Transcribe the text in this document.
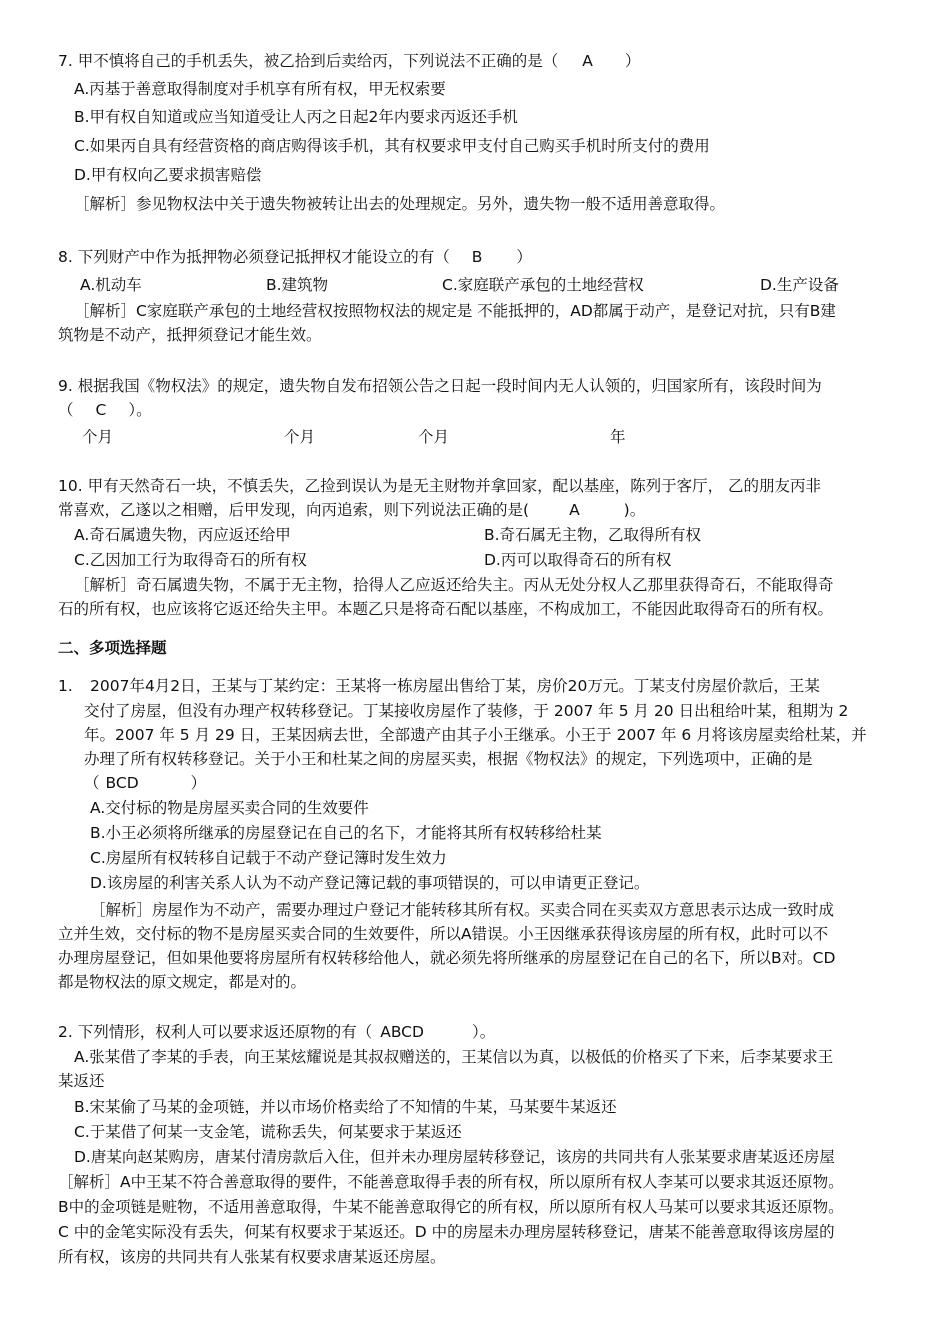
7. 甲不慎将自己的手机丢失，被乙拾到后卖给丙，下列说法不正确的是（ A ）
A.丙基于善意取得制度对手机享有所有权，甲无权索要
B.甲有权自知道或应当知道受让人丙之日起2年内要求丙返还手机
C.如果丙自具有经营资格的商店购得该手机，其有权要求甲支付自己购买手机时所支付的费用
D.甲有权向乙要求损害赔偿
［解析］参见物权法中关于遗失物被转让出去的处理规定。另外，遗失物一般不适用善意取得。
8. 下列财产中作为抵押物必须登记抵押权才能设立的有（ B ）
A.机动车	B.建筑物	C.家庭联产承包的土地经营权	D.生产设备
［解析］C家庭联产承包的土地经营权按照物权法的规定是 不能抵押的，AD都属于动产，是登记对抗，只有B建
筑物是不动产，抵押须登记才能生效。
9. 根据我国《物权法》的规定，遗失物自发布招领公告之日起一段时间内无人认领的，归国家所有，该段时间为
（ C ）。
个月	个月	个月	年
10. 甲有天然奇石一块，不慎丢失，乙捡到误认为是无主财物并拿回家，配以基座，陈列于客厅， 乙的朋友丙非
常喜欢，乙遂以之相赠，后甲发现，向丙追索，则下列说法正确的是(	A	)。
A.奇石属遗失物，丙应返还给甲	B.奇石属无主物，乙取得所有权
C.乙因加工行为取得奇石的所有权	D.丙可以取得奇石的所有权
［解析］奇石属遗失物，不属于无主物，拾得人乙应返还给失主。丙从无处分权人乙那里获得奇石，不能取得奇
石的所有权，也应该将它返还给失主甲。本题乙只是将奇石配以基座，不构成加工，不能因此取得奇石的所有权。
二、多项选择题
1. 2007年4月2日，王某与丁某约定：王某将一栋房屋出售给丁某，房价20万元。丁某支付房屋价款后，王某
交付了房屋，但没有办理产权转移登记。丁某接收房屋作了装修，于 2007 年 5 月 20 日出租给叶某，租期为 2
年。2007 年 5 月 29 日，王某因病去世，全部遗产由其子小王继承。小王于 2007 年 6 月将该房屋卖给杜某，并
办理了所有权转移登记。关于小王和杜某之间的房屋买卖，根据《物权法》的规定，下列选项中，正确的是
（ BCD	）
A.交付标的物是房屋买卖合同的生效要件
B.小王必须将所继承的房屋登记在自己的名下，才能将其所有权转移给杜某
C.房屋所有权转移自记载于不动产登记簿时发生效力
D.该房屋的利害关系人认为不动产登记簿记载的事项错误的，可以申请更正登记。
［解析］房屋作为不动产，需要办理过户登记才能转移其所有权。买卖合同在买卖双方意思表示达成一致时成
立并生效，交付标的物不是房屋买卖合同的生效要件，所以A错误。小王因继承获得该房屋的所有权，此时可以不
办理房屋登记，但如果他要将房屋所有权转移给他人，就必须先将所继承的房屋登记在自己的名下，所以B对。CD
都是物权法的原文规定，都是对的。
2. 下列情形，权利人可以要求返还原物的有（ ABCD	）。
A.张某借了李某的手表，向王某炫耀说是其叔叔赠送的，王某信以为真，以极低的价格买了下来，后李某要求王
某返还
B.宋某偷了马某的金项链，并以市场价格卖给了不知情的牛某，马某要牛某返还
C.于某借了何某一支金笔，谎称丢失，何某要求于某返还
D.唐某向赵某购房，唐某付清房款后入住，但并未办理房屋转移登记，该房的共同共有人张某要求唐某返还房屋
［解析］A中王某不符合善意取得的要件，不能善意取得手表的所有权，所以原所有权人李某可以要求其返还原物。
B中的金项链是赃物，不适用善意取得，牛某不能善意取得它的所有权，所以原所有权人马某可以要求其返还原物。
C 中的金笔实际没有丢失，何某有权要求于某返还。D 中的房屋未办理房屋转移登记，唐某不能善意取得该房屋的
所有权，该房的共同共有人张某有权要求唐某返还房屋。
